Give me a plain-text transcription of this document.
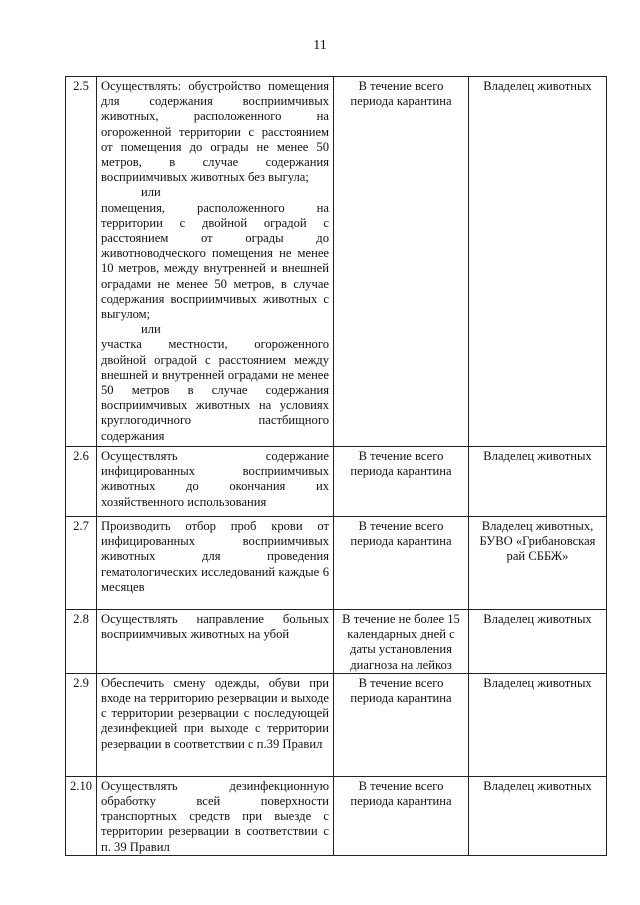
11
2.5	Осуществлять: обустройство помещения для содержания восприимчивых животных, расположенного на огороженной территории с расстоянием от помещения до ограды не менее 50 метров, в случае содержания восприимчивых животных без выгула;
или
помещения, расположенного на территории с двойной оградой с расстоянием от ограды до животноводческого помещения не менее 10 метров, между внутренней и внешней оградами не менее 50 метров, в случае содержания восприимчивых животных с выгулом;
или
участка местности, огороженного двойной оградой с расстоянием между внешней и внутренней оградами не менее 50 метров в случае содержания восприимчивых животных на условиях круглогодичного пастбищного содержания	В течение всего периода карантина	Владелец животных
2.6	Осуществлять содержание инфицированных восприимчивых животных до окончания их хозяйственного использования	В течение всего периода карантина	Владелец животных
2.7	Производить отбор проб крови от инфицированных восприимчивых животных для проведения гематологических исследований каждые 6 месяцев	В течение всего периода карантина	Владелец животных, БУВО «Грибановская рай СББЖ»
2.8	Осуществлять направление больных восприимчивых животных на убой	В течение не более 15 календарных дней с даты установления диагноза на лейкоз	Владелец животных
2.9	Обеспечить смену одежды, обуви при входе на территорию резервации и выходе с территории резервации с последующей дезинфекцией при выходе с территории резервации в соответствии с п.39 Правил	В течение всего периода карантина	Владелец животных
2.10	Осуществлять дезинфекционную обработку всей поверхности транспортных средств при выезде с территории резервации в соответствии с п. 39 Правил	В течение всего периода карантина	Владелец животных
